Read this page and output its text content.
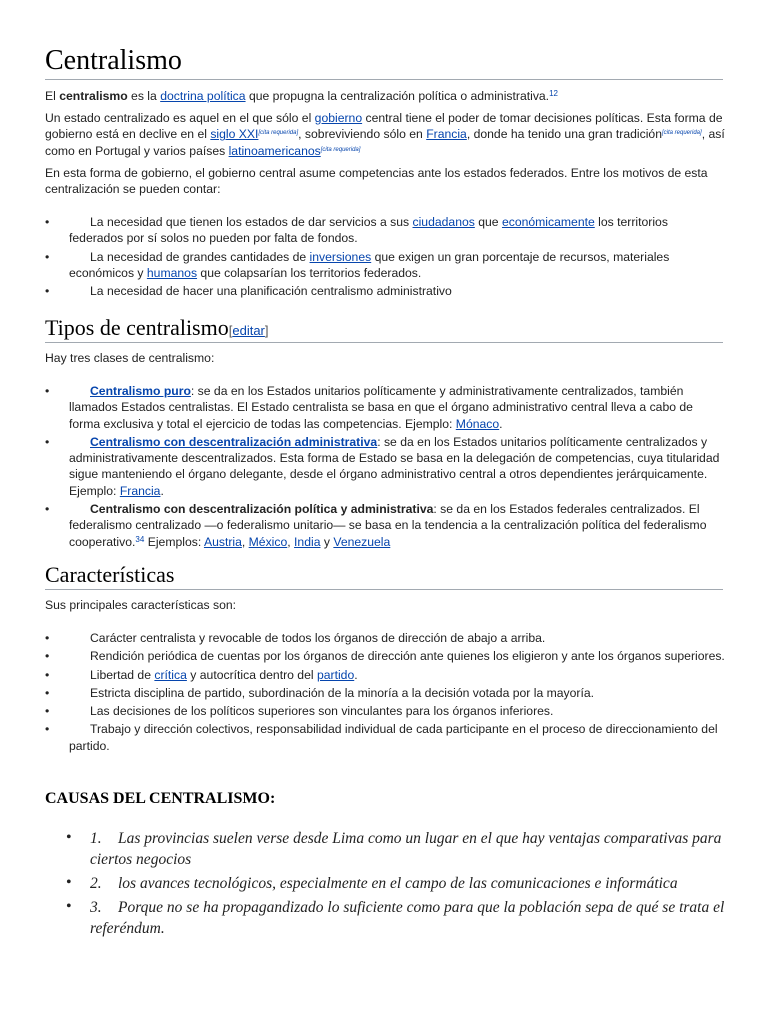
Centralismo

El centralismo es la doctrina política que propugna la centralización política o administrativa.$^{12}$

Un estado centralizado es aquel en el que sólo el gobierno central tiene el poder de tomar decisiones políticas. Esta forma de gobierno está en declive en el siglo XXI[cita requerida], sobreviviendo sólo en Francia, donde ha tenido una gran tradición[cita requerida], así como en Portugal y varios países latinoamericanos[cita requerida]

En esta forma de gobierno, el gobierno central asume competencias ante los estados federados. Entre los motivos de esta centralización se pueden contar:

•	La necesidad que tienen los estados de dar servicios a sus ciudadanos que económicamente los territorios federados por sí solos no pueden por falta de fondos.
•	La necesidad de grandes cantidades de inversiones que exigen un gran porcentaje de recursos, materiales económicos y humanos que colapsarían los territorios federados.
•	La necesidad de hacer una planificación centralismo administrativo
Tipos de centralismo[editar]

Hay tres clases de centralismo:

•	Centralismo puro: se da en los Estados unitarios políticamente y administrativamente centralizados, también llamados Estados centralistas. El Estado centralista se basa en que el órgano administrativo central lleva a cabo de forma exclusiva y total el ejercicio de todas las competencias. Ejemplo: Mónaco.
•	Centralismo con descentralización administrativa: se da en los Estados unitarios políticamente centralizados y administrativamente descentralizados. Esta forma de Estado se basa en la delegación de competencias, cuya titularidad sigue manteniendo el órgano delegante, desde el órgano administrativo central a otros dependientes jerárquicamente. Ejemplo: Francia.
•	Centralismo con descentralización política y administrativa: se da en los Estados federales centralizados. El federalismo centralizado —o federalismo unitario— se basa en la tendencia a la centralización política del federalismo cooperativo.$^{34}$ Ejemplos: Austria, México, India y Venezuela
Características

Sus principales características son:

•	Carácter centralista y revocable de todos los órganos de dirección de abajo a arriba.
•	Rendición periódica de cuentas por los órganos de dirección ante quienes los eligieron y ante los órganos superiores.
•	Libertad de crítica y autocrítica dentro del partido.
•	Estricta disciplina de partido, subordinación de la minoría a la decisión votada por la mayoría.
•	Las decisiones de los políticos superiores son vinculantes para los órganos inferiores.
•	Trabajo y dirección colectivos, responsabilidad individual de cada participante en el proceso de direccionamiento del partido.
CAUSAS DEL CENTRALISMO:
• 1. Las provincias suelen verse desde Lima como un lugar en el que hay ventajas comparativas para ciertos negocios
• 2. los avances tecnológicos, especialmente en el campo de las comunicaciones e informática
• 3. Porque no se ha propagandizado lo suficiente como para que la población sepa de qué se trata el referéndum.
